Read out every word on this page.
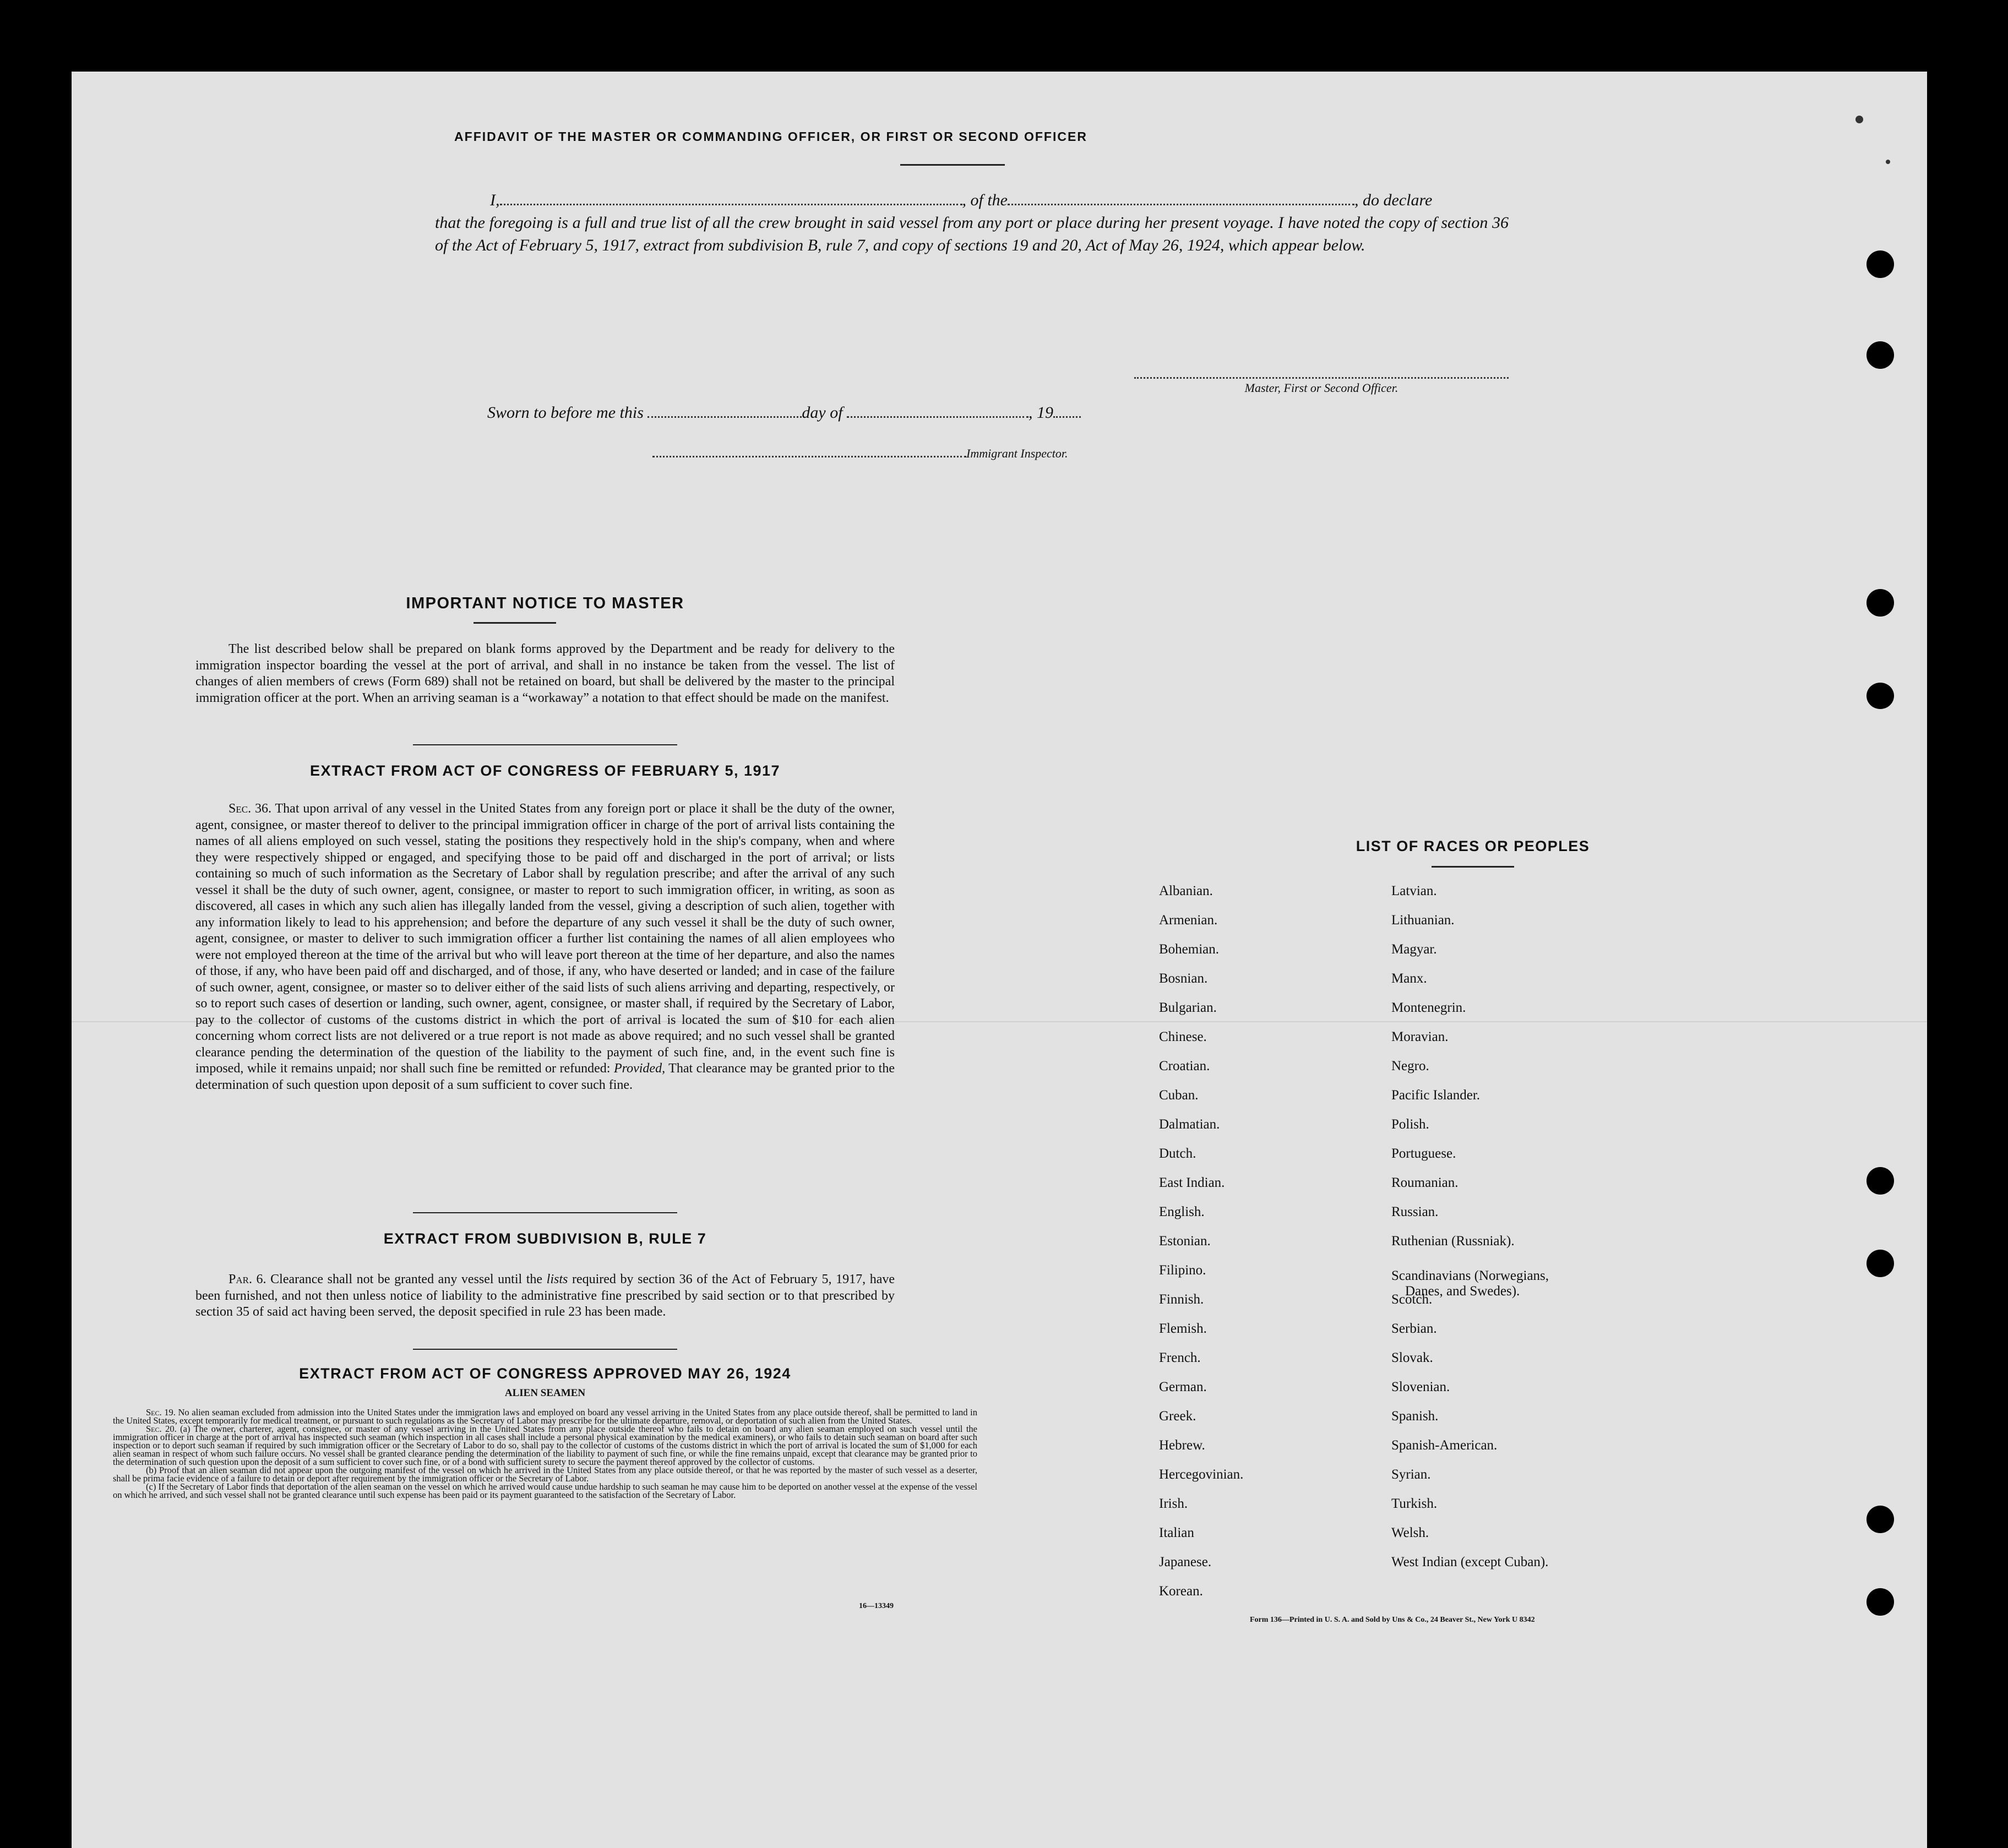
AFFIDAVIT OF THE MASTER OR COMMANDING OFFICER, OR FIRST OR SECOND OFFICER
I,	, of the	, do declare

that the foregoing is a full and true list of all the crew brought in said vessel from any port or place during her present voyage. I have noted the copy of section 36 of the Act of February 5, 1917, extract from subdivision B, rule 7, and copy of sections 19 and 20, Act of May 26, 1924, which appear below.

Master, First or Second Officer.
Sworn to before me this	day of	, 19
Immigrant Inspector.
IMPORTANT NOTICE TO MASTER
The list described below shall be prepared on blank forms approved by the Department and be ready for delivery to the immigration inspector boarding the vessel at the port of arrival, and shall in no instance be taken from the vessel. The list of changes of alien members of crews (Form 689) shall not be retained on board, but shall be delivered by the master to the principal immigration officer at the port. When an arriving seaman is a “workaway” a notation to that effect should be made on the manifest.
EXTRACT FROM ACT OF CONGRESS OF FEBRUARY 5, 1917
Sec. 36. That upon arrival of any vessel in the United States from any foreign port or place it shall be the duty of the owner, agent, consignee, or master thereof to deliver to the principal immigration officer in charge of the port of arrival lists containing the names of all aliens employed on such vessel, stating the positions they respectively hold in the ship's company, when and where they were respectively shipped or engaged, and specifying those to be paid off and discharged in the port of arrival; or lists containing so much of such information as the Secretary of Labor shall by regulation prescribe; and after the arrival of any such vessel it shall be the duty of such owner, agent, consignee, or master to report to such immigration officer, in writing, as soon as discovered, all cases in which any such alien has illegally landed from the vessel, giving a description of such alien, together with any information likely to lead to his apprehension; and before the departure of any such vessel it shall be the duty of such owner, agent, consignee, or master to deliver to such immigration officer a further list containing the names of all alien employees who were not employed thereon at the time of the arrival but who will leave port thereon at the time of her departure, and also the names of those, if any, who have been paid off and discharged, and of those, if any, who have deserted or landed; and in case of the failure of such owner, agent, consignee, or master so to deliver either of the said lists of such aliens arriving and departing, respectively, or so to report such cases of desertion or landing, such owner, agent, consignee, or master shall, if required by the Secretary of Labor, pay to the collector of customs of the customs district in which the port of arrival is located the sum of $10 for each alien concerning whom correct lists are not delivered or a true report is not made as above required; and no such vessel shall be granted clearance pending the determination of the question of the liability to the payment of such fine, and, in the event such fine is imposed, while it remains unpaid; nor shall such fine be remitted or refunded: Provided, That clearance may be granted prior to the determination of such question upon deposit of a sum sufficient to cover such fine.
EXTRACT FROM SUBDIVISION B, RULE 7
Par. 6. Clearance shall not be granted any vessel until the lists required by section 36 of the Act of February 5, 1917, have been furnished, and not then unless notice of liability to the administrative fine prescribed by said section or to that prescribed by section 35 of said act having been served, the deposit specified in rule 23 has been made.
EXTRACT FROM ACT OF CONGRESS APPROVED MAY 26, 1924
ALIEN SEAMEN

Sec. 19. No alien seaman excluded from admission into the United States under the immigration laws and employed on board any vessel arriving in the United States from any place outside thereof, shall be permitted to land in the United States, except temporarily for medical treatment, or pursuant to such regulations as the Secretary of Labor may prescribe for the ultimate departure, removal, or deportation of such alien from the United States.

Sec. 20. (a) The owner, charterer, agent, consignee, or master of any vessel arriving in the United States from any place outside thereof who fails to detain on board any alien seaman employed on such vessel until the immigration officer in charge at the port of arrival has inspected such seaman (which inspection in all cases shall include a personal physical examination by the medical examiners), or who fails to detain such seaman on board after such inspection or to deport such seaman if required by such immigration officer or the Secretary of Labor to do so, shall pay to the collector of customs of the customs district in which the port of arrival is located the sum of $1,000 for each alien seaman in respect of whom such failure occurs. No vessel shall be granted clearance pending the determination of the liability to payment of such fine, or while the fine remains unpaid, except that clearance may be granted prior to the determination of such question upon the deposit of a sum sufficient to cover such fine, or of a bond with sufficient surety to secure the payment thereof approved by the collector of customs.

(b) Proof that an alien seaman did not appear upon the outgoing manifest of the vessel on which he arrived in the United States from any place outside thereof, or that he was reported by the master of such vessel as a deserter, shall be prima facie evidence of a failure to detain or deport after requirement by the immigration officer or the Secretary of Labor.

(c) If the Secretary of Labor finds that deportation of the alien seaman on the vessel on which he arrived would cause undue hardship to such seaman he may cause him to be deported on another vessel at the expense of the vessel on which he arrived, and such vessel shall not be granted clearance until such expense has been paid or its payment guaranteed to the satisfaction of the Secretary of Labor.

16—13349
LIST OF RACES OR PEOPLES
Albanian.
Armenian.
Bohemian.
Bosnian.
Bulgarian.
Chinese.
Croatian.
Cuban.
Dalmatian.
Dutch.
East Indian.
English.
Estonian.
Filipino.
Finnish.
Flemish.
French.
German.
Greek.
Hebrew.
Hercegovinian.
Irish.
Italian
Japanese.
Korean.
Latvian.
Lithuanian.
Magyar.
Manx.
Montenegrin.
Moravian.
Negro.
Pacific Islander.
Polish.
Portuguese.
Roumanian.
Russian.
Ruthenian (Russniak).
Scandinavians (Norwegians,
Danes, and Swedes).
Scotch.
Serbian.
Slovak.
Slovenian.
Spanish.
Spanish-American.
Syrian.
Turkish.
Welsh.
West Indian (except Cuban).
Form 136—Printed in U. S. A. and Sold by Uns & Co., 24 Beaver St., New York U 8342
